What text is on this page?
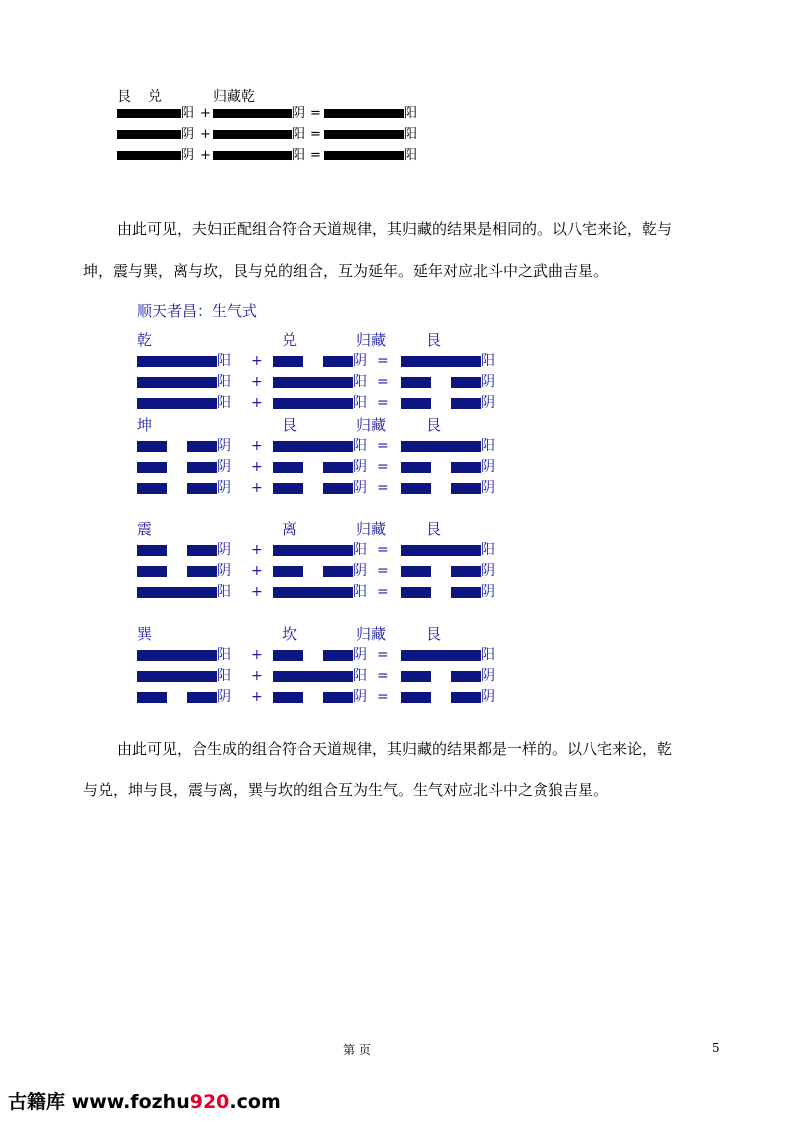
艮 兑	归藏乾
阳 +	阴 =	阳
阴 +	阳 =	阳
阴 +	阳 =	阳
由此可见，夫妇正配组合符合天道规律，其归藏的结果是相同的。以八宅来论，乾与
坤，震与巽，离与坎，艮与兑的组合，互为延年。延年对应北斗中之武曲吉星。
顺天者昌：生气式
乾	兑	归藏	艮
阳 +	阴 =	阳
阳 +	阳 =	阴
阳 +	阳 =	阴
坤	艮	归藏	艮
阴 +	阳 =	阳
阴 +	阴 =	阴
阴 +	阴 =	阴
震	离	归藏	艮
阴 +	阳 =	阳
阴 +	阴 =	阴
阳 +	阳 =	阴
巽	坎	归藏	艮
阳 +	阴 =	阳
阳 +	阳 =	阴
阴 +	阴 =	阴
由此可见，合生成的组合符合天道规律，其归藏的结果都是一样的。以八宅来论，乾
与兑，坤与艮，震与离，巽与坎的组合互为生气。生气对应北斗中之贪狼吉星。
第 页	5
古籍库 www.fozhu920.com
